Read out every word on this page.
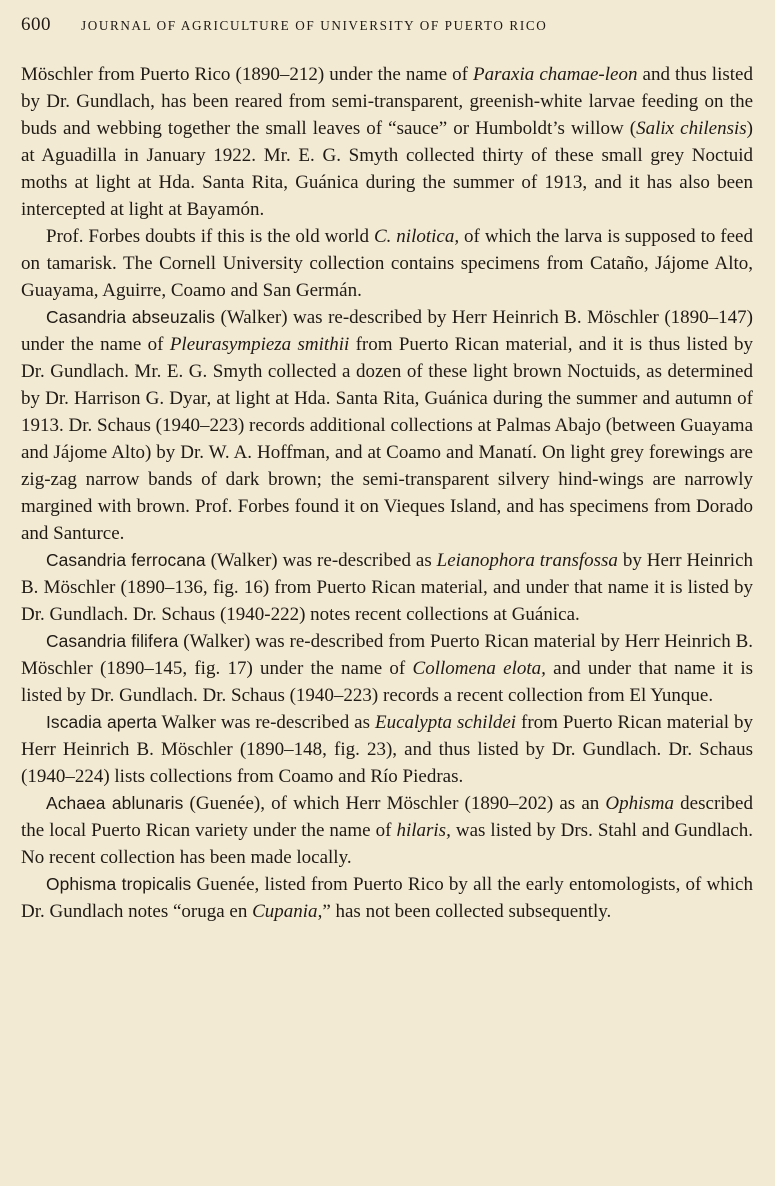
600	JOURNAL OF AGRICULTURE OF UNIVERSITY OF PUERTO RICO

Möschler from Puerto Rico (1890–212) under the name of Paraxia chamae-leon and thus listed by Dr. Gundlach, has been reared from semi-transparent, greenish-white larvae feeding on the buds and webbing together the small leaves of “sauce” or Humboldt’s willow (Salix chilensis) at Aguadilla in January 1922. Mr. E. G. Smyth collected thirty of these small grey Noctuid moths at light at Hda. Santa Rita, Guánica during the summer of 1913, and it has also been intercepted at light at Bayamón.

Prof. Forbes doubts if this is the old world C. nilotica, of which the larva is supposed to feed on tamarisk. The Cornell University collection contains specimens from Cataño, Jájome Alto, Guayama, Aguirre, Coamo and San Germán.

Casandria abseuzalis (Walker) was re-described by Herr Heinrich B. Möschler (1890–147) under the name of Pleurasympieza smithii from Puerto Rican material, and it is thus listed by Dr. Gundlach. Mr. E. G. Smyth collected a dozen of these light brown Noctuids, as determined by Dr. Harrison G. Dyar, at light at Hda. Santa Rita, Guánica during the summer and autumn of 1913. Dr. Schaus (1940–223) records additional collections at Palmas Abajo (between Guayama and Jájome Alto) by Dr. W. A. Hoffman, and at Coamo and Manatí. On light grey forewings are zig-zag narrow bands of dark brown; the semi-transparent silvery hind-wings are narrowly margined with brown. Prof. Forbes found it on Vieques Island, and has specimens from Dorado and Santurce.

Casandria ferrocana (Walker) was re-described as Leianophora transfossa by Herr Heinrich B. Möschler (1890–136, fig. 16) from Puerto Rican material, and under that name it is listed by Dr. Gundlach. Dr. Schaus (1940-222) notes recent collections at Guánica.

Casandria filifera (Walker) was re-described from Puerto Rican material by Herr Heinrich B. Möschler (1890–145, fig. 17) under the name of Collomena elota, and under that name it is listed by Dr. Gundlach. Dr. Schaus (1940–223) records a recent collection from El Yunque.

Iscadia aperta Walker was re-described as Eucalypta schildei from Puerto Rican material by Herr Heinrich B. Möschler (1890–148, fig. 23), and thus listed by Dr. Gundlach. Dr. Schaus (1940–224) lists collections from Coamo and Río Piedras.

Achaea ablunaris (Guenée), of which Herr Möschler (1890–202) as an Ophisma described the local Puerto Rican variety under the name of hilaris, was listed by Drs. Stahl and Gundlach. No recent collection has been made locally.

Ophisma tropicalis Guenée, listed from Puerto Rico by all the early entomologists, of which Dr. Gundlach notes “oruga en Cupania,” has not been collected subsequently.
